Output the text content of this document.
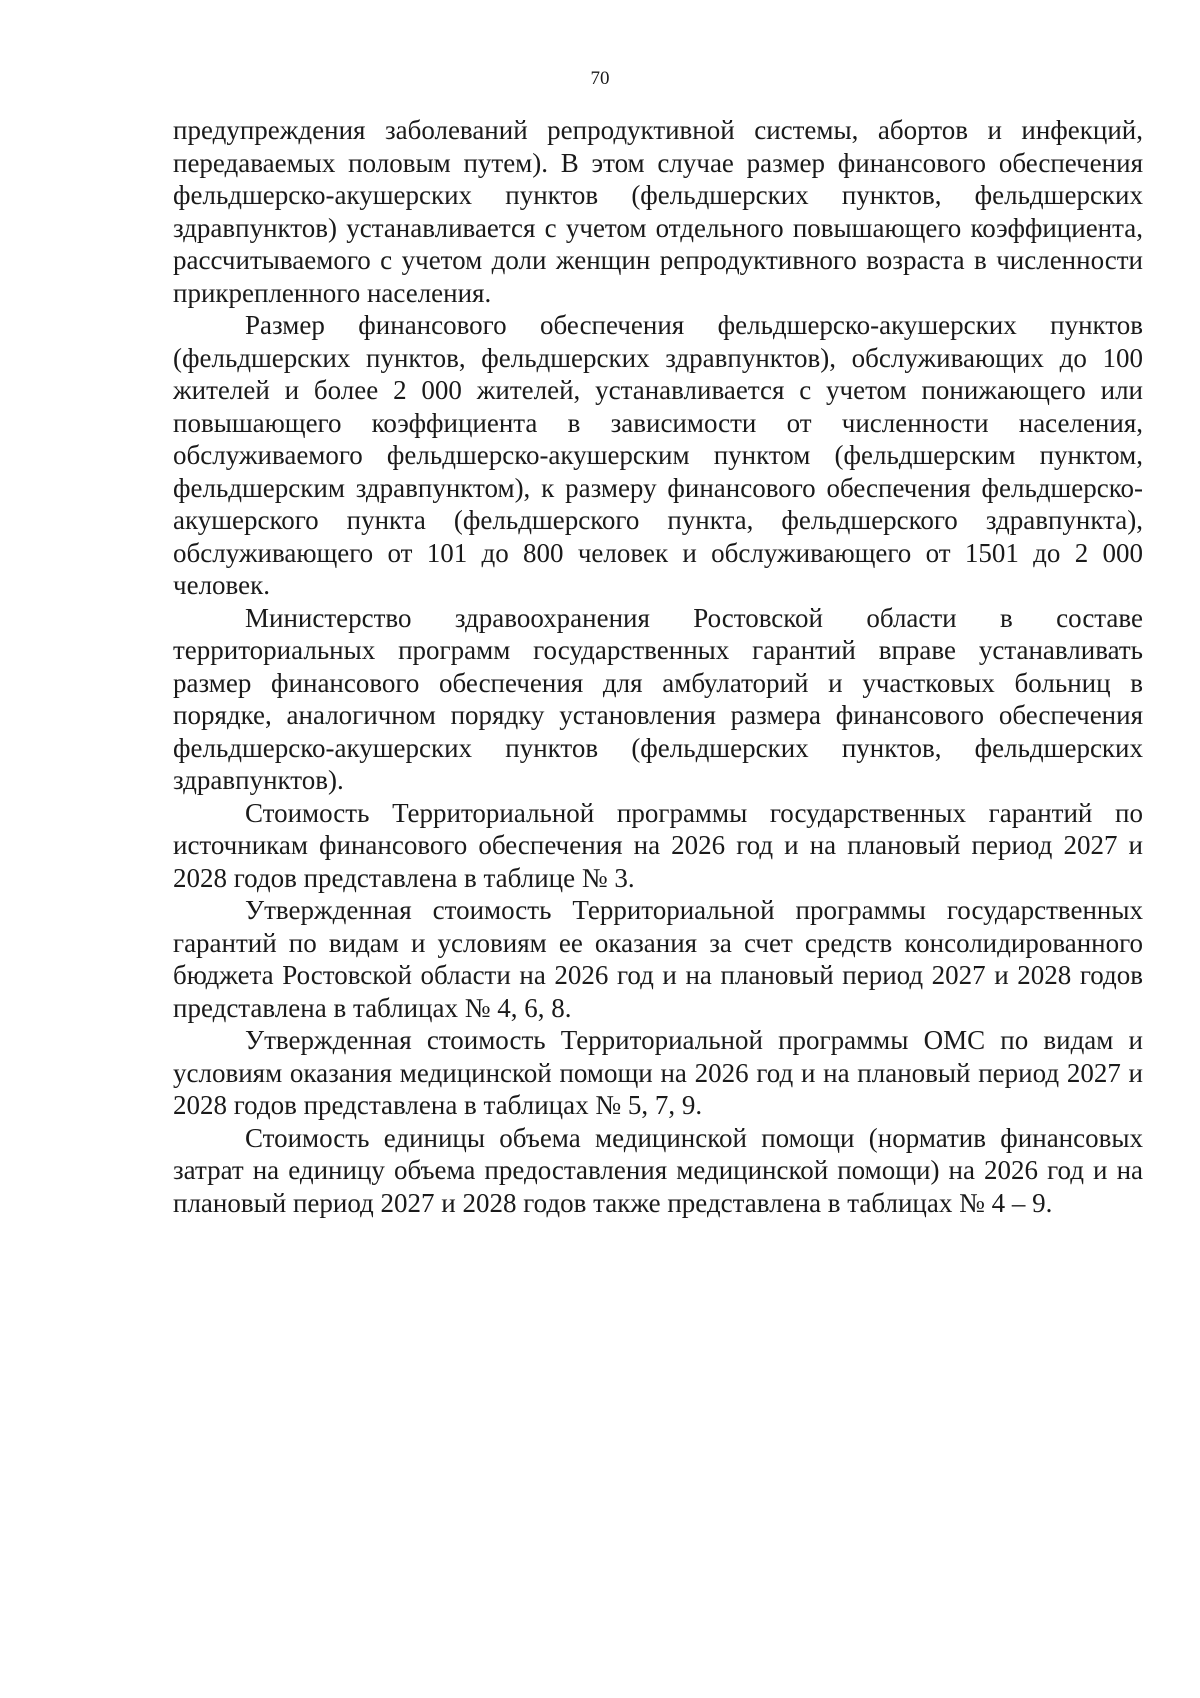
70

предупреждения заболеваний репродуктивной системы, абортов и инфекций, передаваемых половым путем). В этом случае размер финансового обеспечения фельдшерско-акушерских пунктов (фельдшерских пунктов, фельдшерских здравпунктов) устанавливается с учетом отдельного повышающего коэффициента, рассчитываемого с учетом доли женщин репродуктивного возраста в численности прикрепленного населения.

Размер финансового обеспечения фельдшерско-акушерских пунктов (фельдшерских пунктов, фельдшерских здравпунктов), обслуживающих до 100 жителей и более 2 000 жителей, устанавливается с учетом понижающего или повышающего коэффициента в зависимости от численности населения, обслуживаемого фельдшерско-акушерским пунктом (фельдшерским пунктом, фельдшерским здравпунктом), к размеру финансового обеспечения фельдшерско-акушерского пункта (фельдшерского пункта, фельдшерского здравпункта), обслуживающего от 101 до 800 человек и обслуживающего от 1501 до 2 000 человек.

Министерство здравоохранения Ростовской области в составе территориальных программ государственных гарантий вправе устанавливать размер финансового обеспечения для амбулаторий и участковых больниц в порядке, аналогичном порядку установления размера финансового обеспечения фельдшерско-акушерских пунктов (фельдшерских пунктов, фельдшерских здравпунктов).

Стоимость Территориальной программы государственных гарантий по источникам финансового обеспечения на 2026 год и на плановый период 2027 и 2028 годов представлена в таблице № 3.

Утвержденная стоимость Территориальной программы государственных гарантий по видам и условиям ее оказания за счет средств консолидированного бюджета Ростовской области на 2026 год и на плановый период 2027 и 2028 годов представлена в таблицах № 4, 6, 8.

Утвержденная стоимость Территориальной программы ОМС по видам и условиям оказания медицинской помощи на 2026 год и на плановый период 2027 и 2028 годов представлена в таблицах № 5, 7, 9.

Стоимость единицы объема медицинской помощи (норматив финансовых затрат на единицу объема предоставления медицинской помощи) на 2026 год и на плановый период 2027 и 2028 годов также представлена в таблицах № 4 – 9.
